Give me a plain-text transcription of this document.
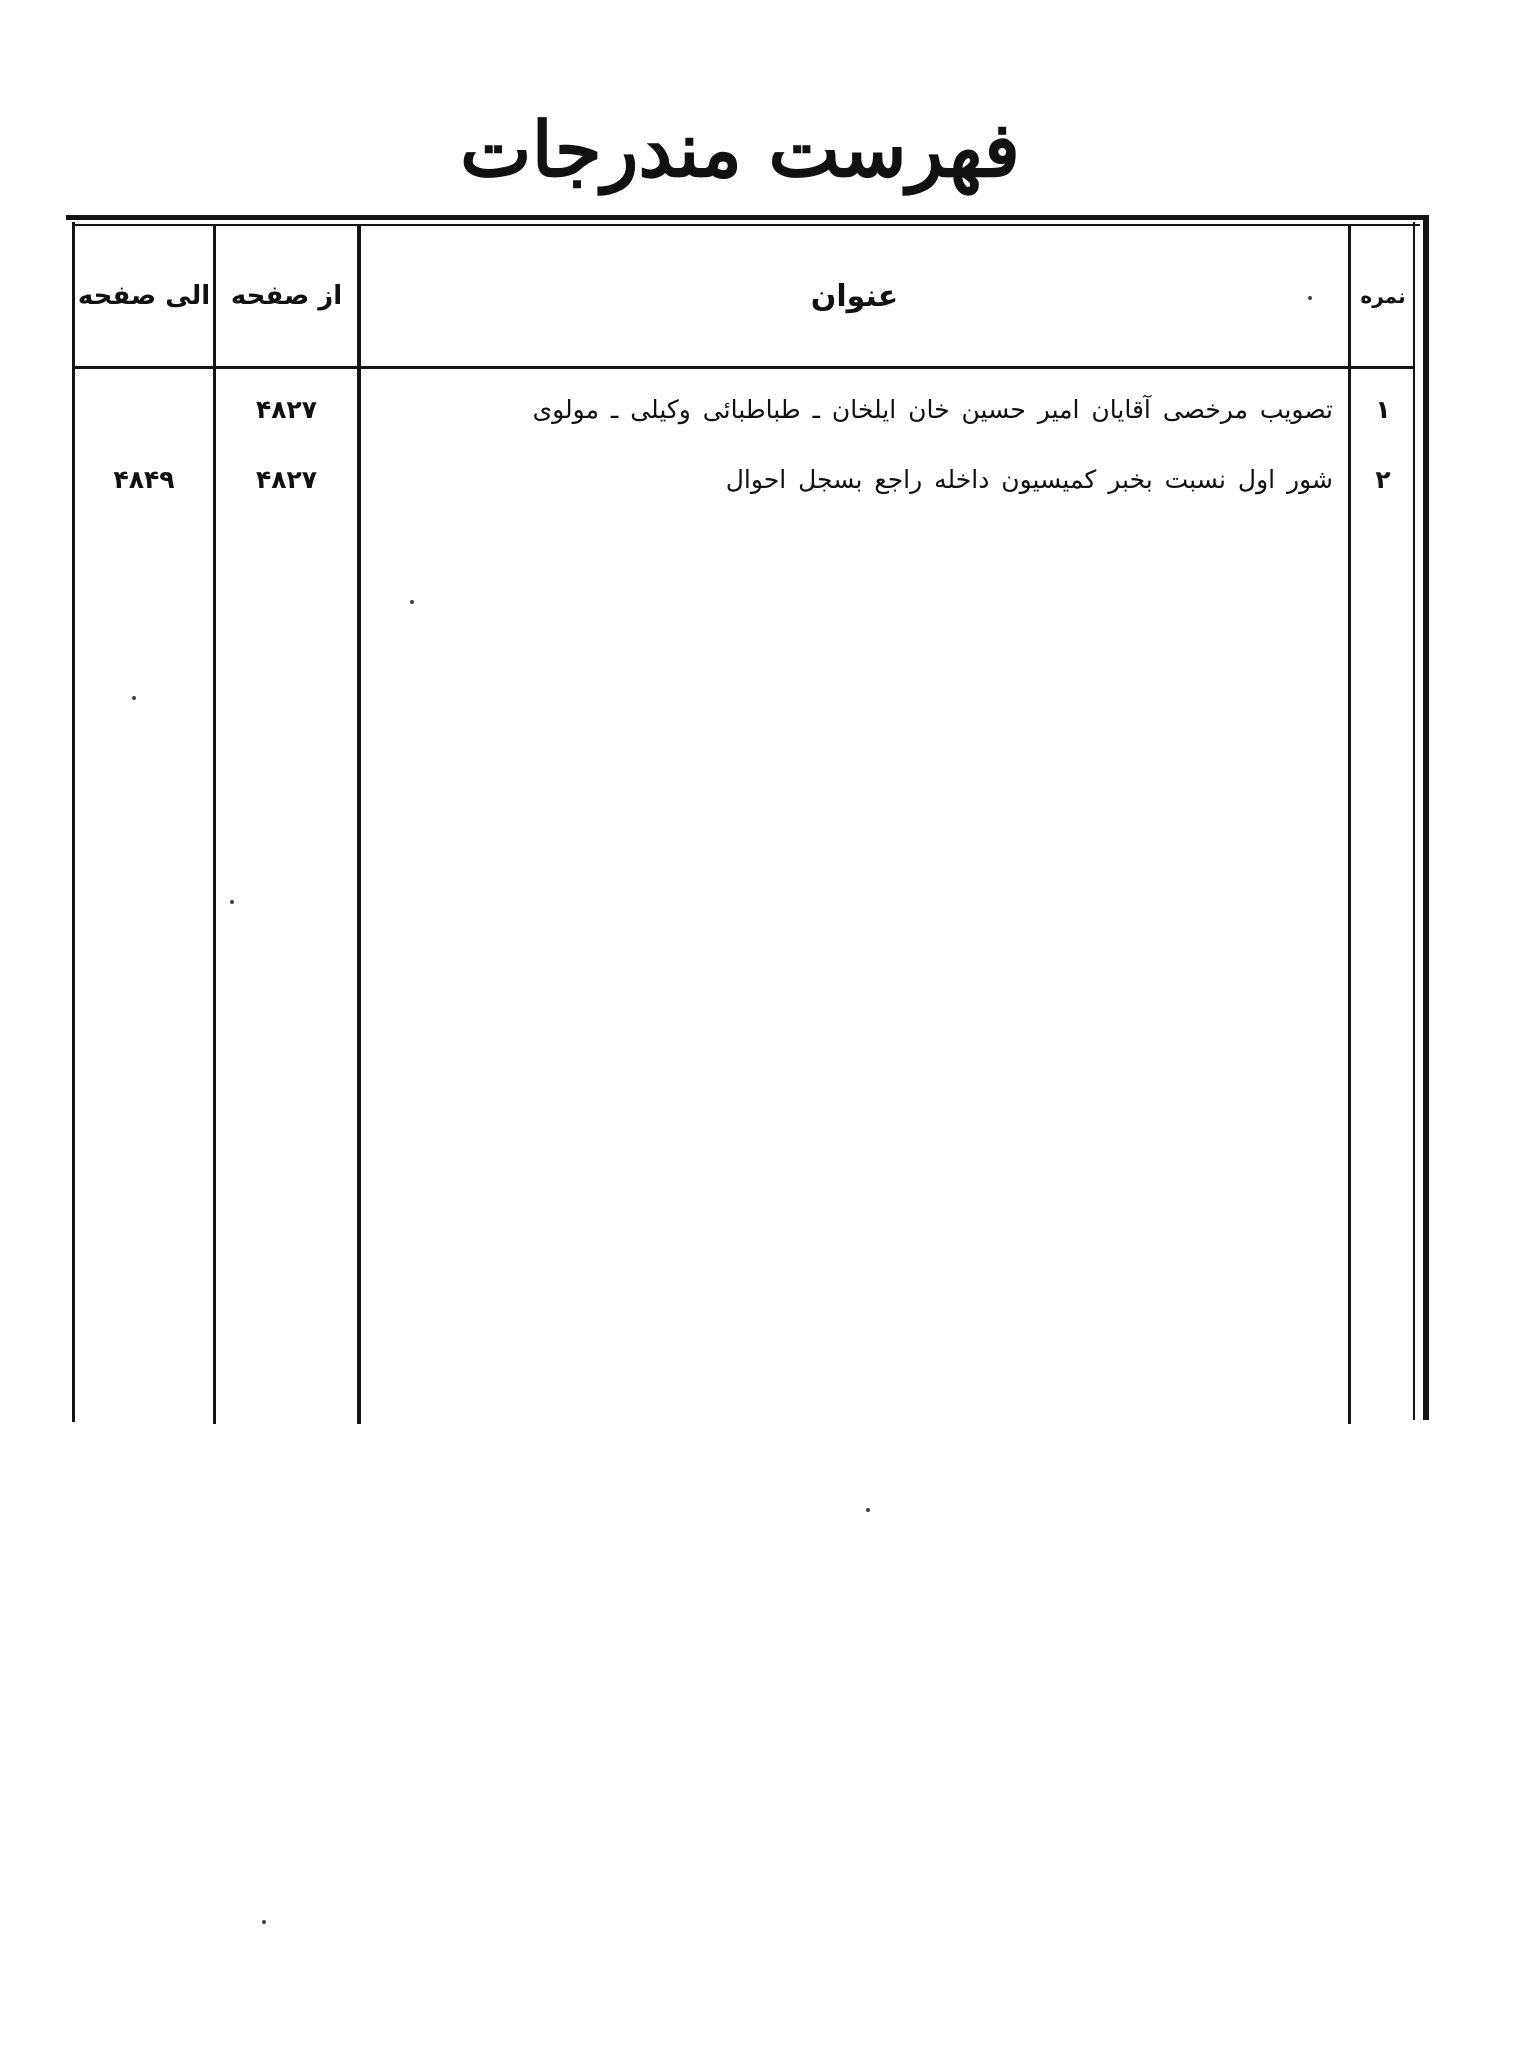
فهرست مندرجات
نمره
عنوان
از صفحه
الی صفحه
۱
تصویب مرخصی آقایان امیر حسین خان ایلخان ـ طباطبائی وکیلی ـ مولوی
۴۸۲۷
۲
شور اول نسبت بخبر کمیسیون داخله راجع بسجل احوال
۴۸۲۷
۴۸۴۹
